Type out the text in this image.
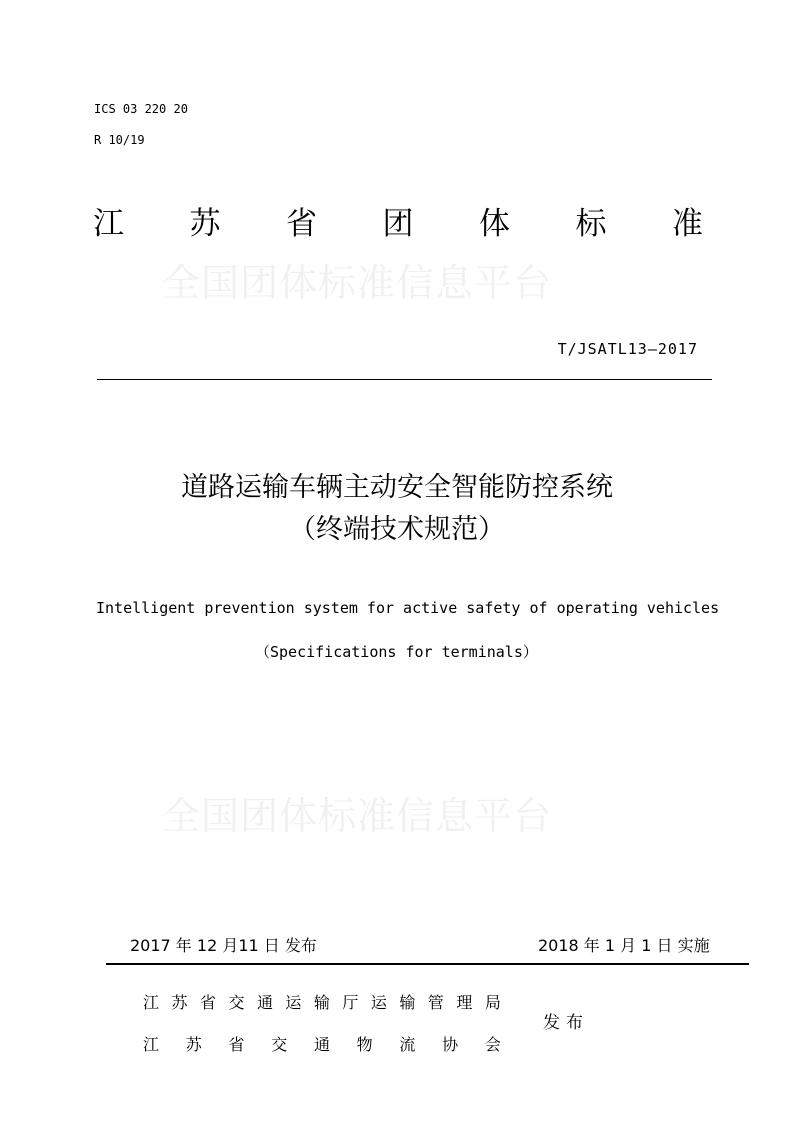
ICS 03 220 20
R 10/19
江 苏 省 团 体 标 准
全国团体标准信息平台
T/JSATL13—2017
道路运输车辆主动安全智能防控系统
（终端技术规范）
Intelligent prevention system for active safety of operating vehicles
（Specifications for terminals）
全国团体标准信息平台
2017 年 12 月11 日 发布	2018 年 1 月 1 日 实施
江 苏 省 交 通 运 输 厅 运 输 管 理 局
江 苏 省 交 通 物 流 协 会
发布
